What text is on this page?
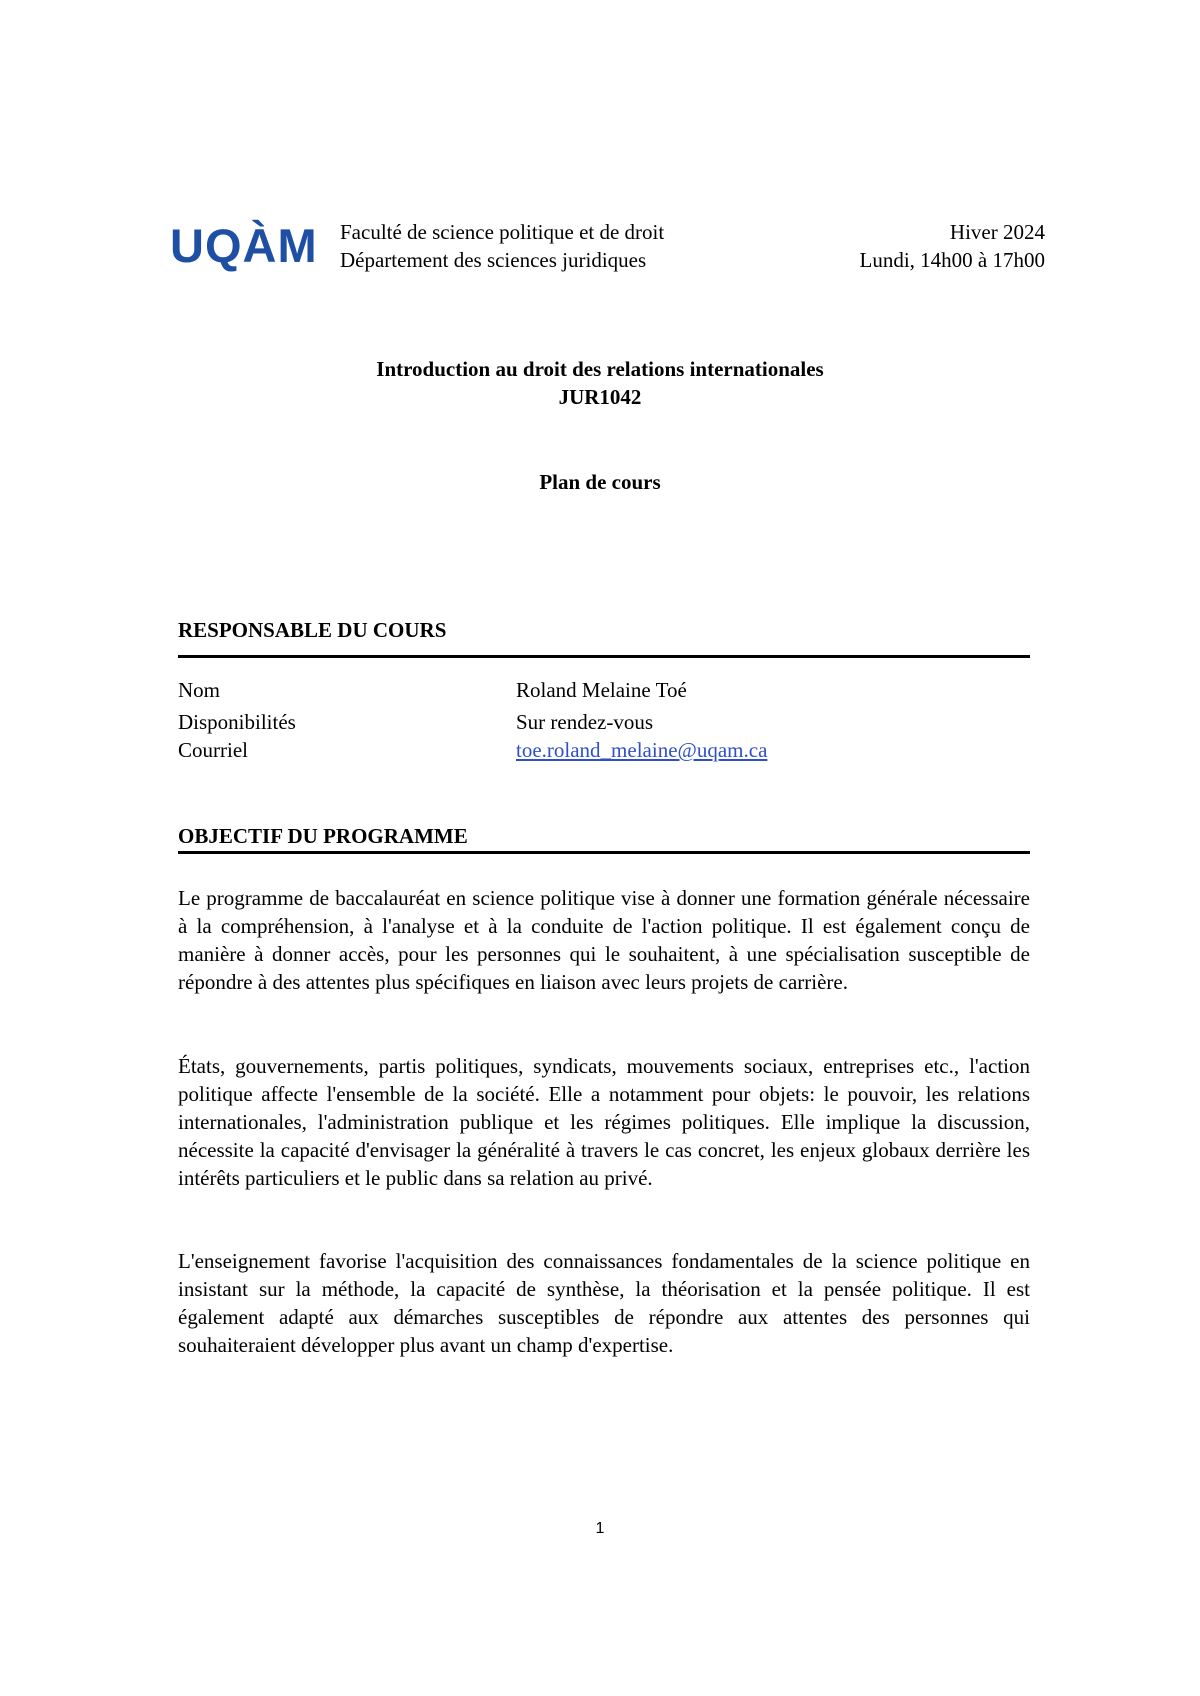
UQÀM Faculté de science politique et de droit Département des sciences juridiques
Hiver 2024
Lundi, 14h00 à 17h00
Introduction au droit des relations internationales
JUR1042
Plan de cours
RESPONSABLE DU COURS
Nom	Roland Melaine Toé
Disponibilités	Sur rendez-vous
Courriel	toe.roland_melaine@uqam.ca
OBJECTIF DU PROGRAMME
Le programme de baccalauréat en science politique vise à donner une formation générale nécessaire à la compréhension, à l'analyse et à la conduite de l'action politique. Il est également conçu de manière à donner accès, pour les personnes qui le souhaitent, à une spécialisation susceptible de répondre à des attentes plus spécifiques en liaison avec leurs projets de carrière.
États, gouvernements, partis politiques, syndicats, mouvements sociaux, entreprises etc., l'action politique affecte l'ensemble de la société. Elle a notamment pour objets: le pouvoir, les relations internationales, l'administration publique et les régimes politiques. Elle implique la discussion, nécessite la capacité d'envisager la généralité à travers le cas concret, les enjeux globaux derrière les intérêts particuliers et le public dans sa relation au privé.
L'enseignement favorise l'acquisition des connaissances fondamentales de la science politique en insistant sur la méthode, la capacité de synthèse, la théorisation et la pensée politique. Il est également adapté aux démarches susceptibles de répondre aux attentes des personnes qui souhaiteraient développer plus avant un champ d'expertise.
1
